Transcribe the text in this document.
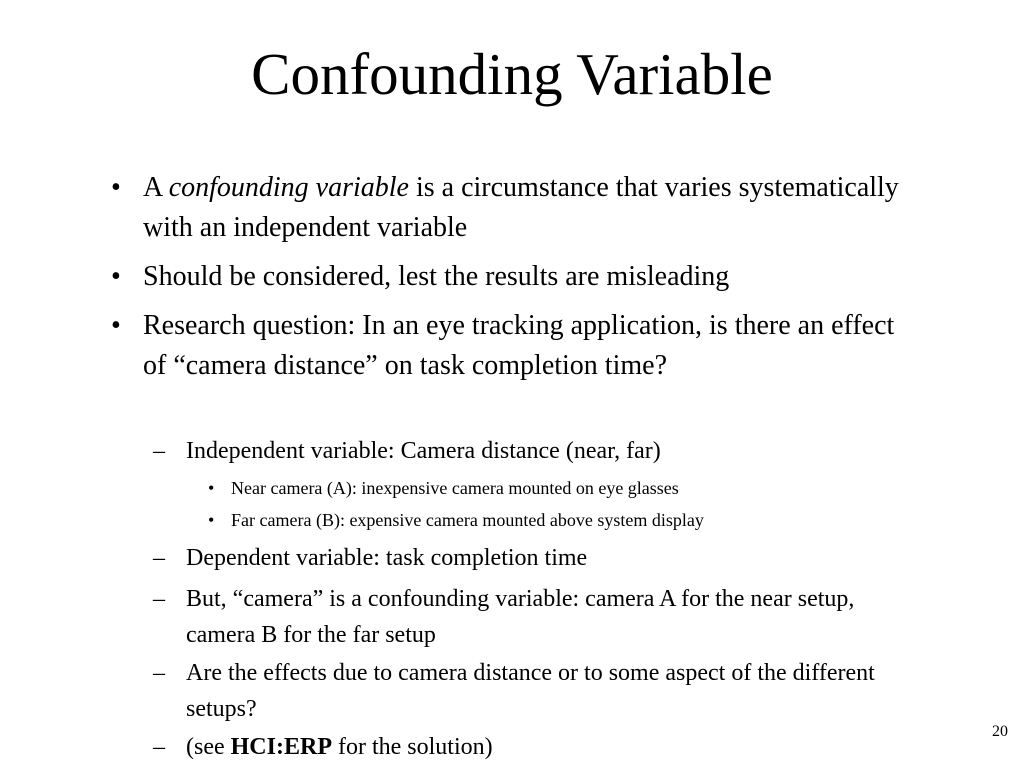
Confounding Variable
• A confounding variable is a circumstance that varies systematically with an independent variable
• Should be considered, lest the results are misleading
• Research question: In an eye tracking application, is there an effect of “camera distance” on task completion time?
– Independent variable: Camera distance (near, far)
• Near camera (A): inexpensive camera mounted on eye glasses
• Far camera (B): expensive camera mounted above system display
– Dependent variable: task completion time
– But, “camera” is a confounding variable: camera A for the near setup, camera B for the far setup
– Are the effects due to camera distance or to some aspect of the different setups?
– (see HCI:ERP for the solution)
20
